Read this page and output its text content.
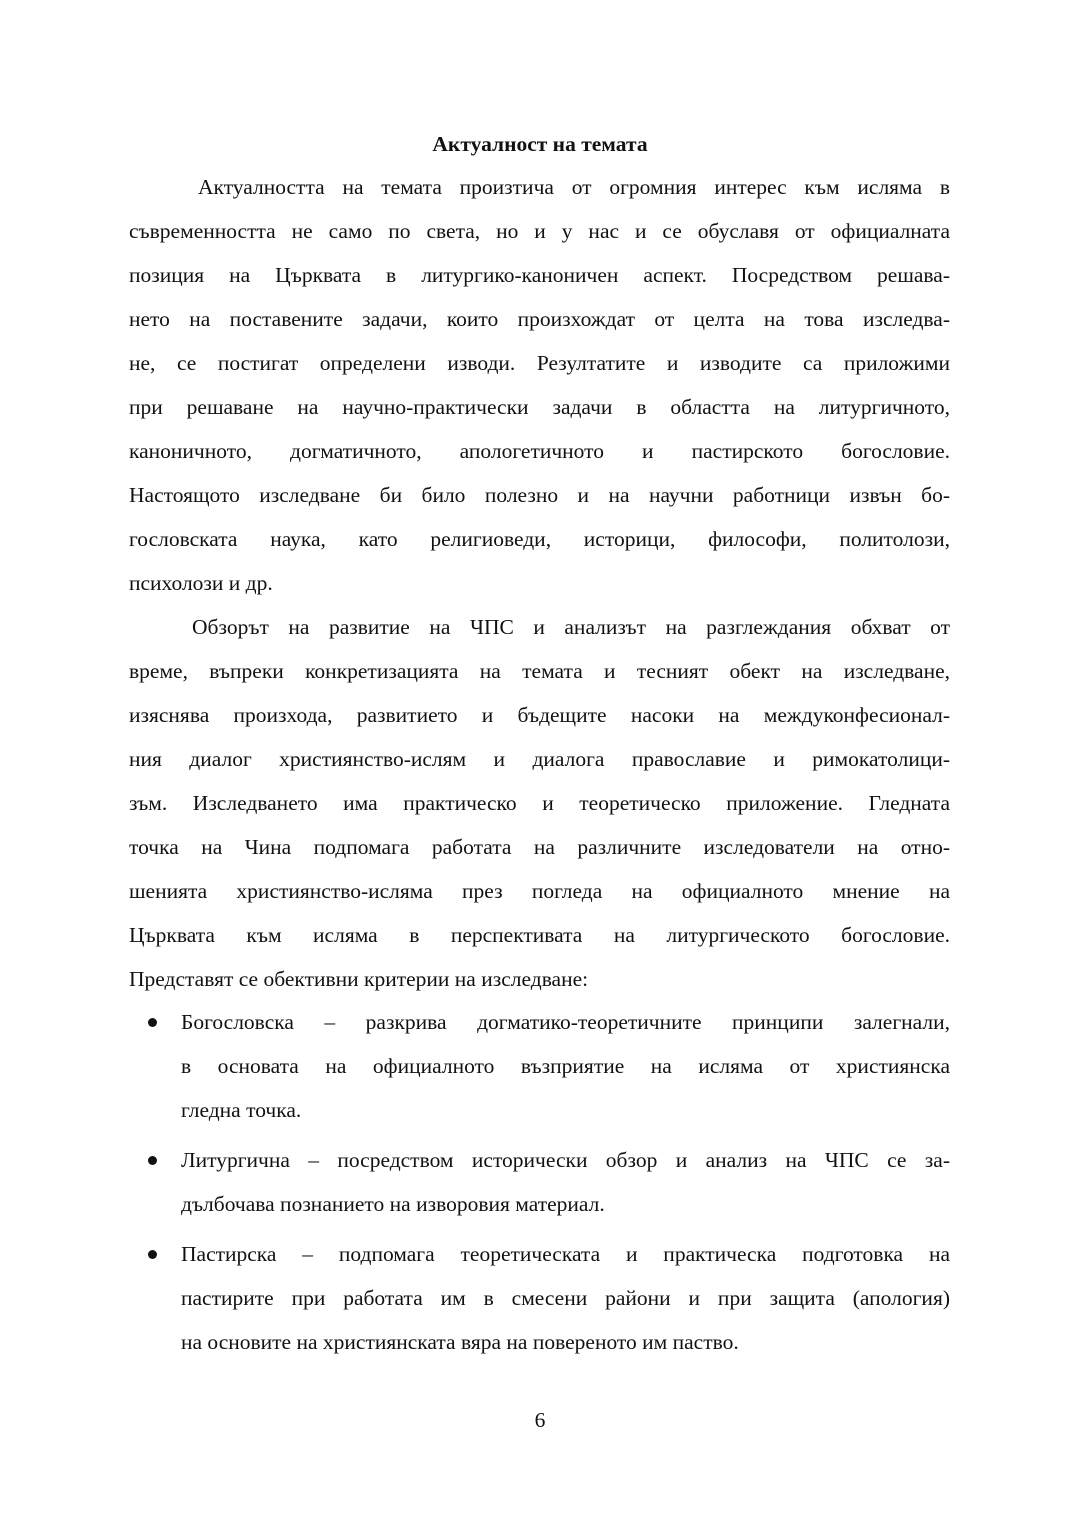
Актуалност на темата
Актуалността на темата произтича от огромния интерес към исляма в
съвременността не само по света, но и у нас и се обуславя от официалната
позиция на Църквата в литургико-каноничен аспект. Посредством решава-
нето на поставените задачи, които произхождат от целта на това изследва-
не, се постигат определени изводи. Резултатите и изводите са приложими
при решаване на научно-практически задачи в областта на литургичното,
каноничното, догматичното, апологетичното и пастирското богословие.
Настоящото изследване би било полезно и на научни работници извън бо-
гословската наука, като религиоведи, историци, философи, политолози,
психолози и др.
Обзорът на развитие на ЧПС и анализът на разглеждания обхват от
време, въпреки конкретизацията на темата и тесният обект на изследване,
изяснява произхода, развитието и бъдещите насоки на междуконфесионал-
ния диалог християнство-ислям и диалога православие и римокатолици-
зъм. Изследването има практическо и теоретическо приложение. Гледната
точка на Чина подпомага работата на различните изследователи на отно-
шенията християнство-исляма през погледа на официалното мнение на
Църквата към исляма в перспективата на литургическото богословие.
Представят се обективни критерии на изследване:
Богословска – разкрива догматико-теоретичните принципи залегнали,
в основата на официалното възприятие на исляма от християнска
гледна точка.
Литургична – посредством исторически обзор и анализ на ЧПС се за-
дълбочава познанието на изворовия материал.
Пастирска – подпомага теоретическата и практическа подготовка на
пастирите при работата им в смесени райони и при защита (апология)
на основите на християнската вяра на повереното им паство.
6
